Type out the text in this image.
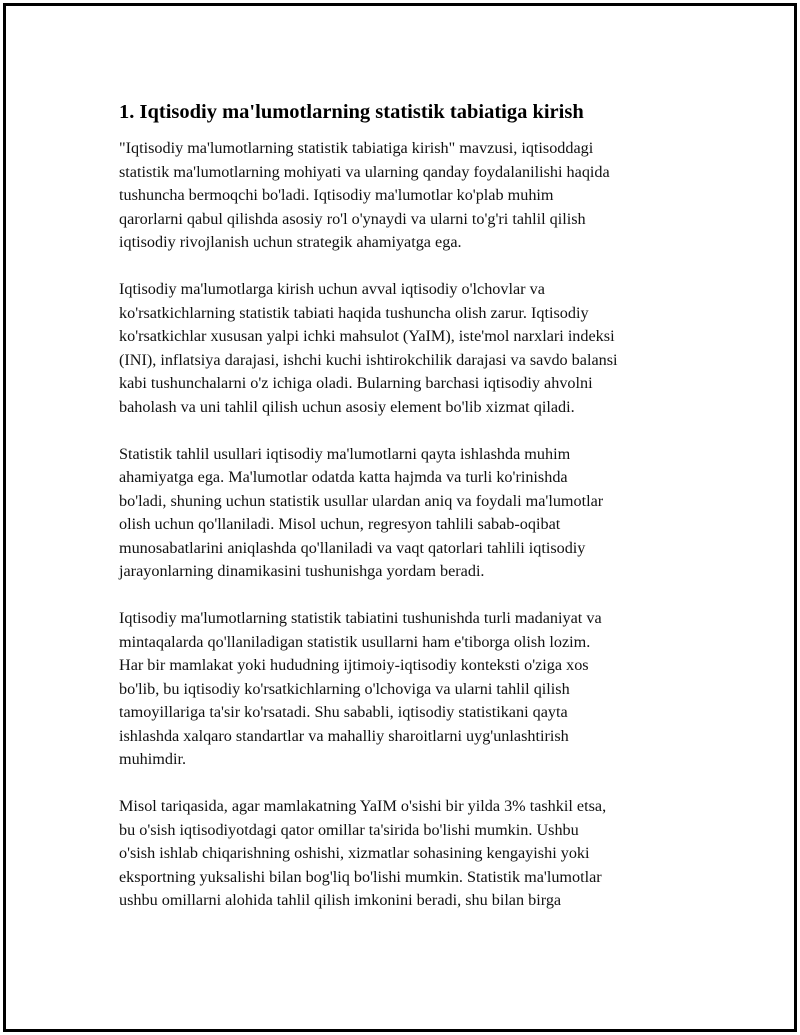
1. Iqtisodiy ma'lumotlarning statistik tabiatiga kirish

"Iqtisodiy ma'lumotlarning statistik tabiatiga kirish" mavzusi, iqtisoddagi
statistik ma'lumotlarning mohiyati va ularning qanday foydalanilishi haqida
tushuncha bermoqchi bo'ladi. Iqtisodiy ma'lumotlar ko'plab muhim
qarorlarni qabul qilishda asosiy ro'l o'ynaydi va ularni to'g'ri tahlil qilish
iqtisodiy rivojlanish uchun strategik ahamiyatga ega.

Iqtisodiy ma'lumotlarga kirish uchun avval iqtisodiy o'lchovlar va
ko'rsatkichlarning statistik tabiati haqida tushuncha olish zarur. Iqtisodiy
ko'rsatkichlar xususan yalpi ichki mahsulot (YaIM), iste'mol narxlari indeksi
(INI), inflatsiya darajasi, ishchi kuchi ishtirokchilik darajasi va savdo balansi
kabi tushunchalarni o'z ichiga oladi. Bularning barchasi iqtisodiy ahvolni
baholash va uni tahlil qilish uchun asosiy element bo'lib xizmat qiladi.

Statistik tahlil usullari iqtisodiy ma'lumotlarni qayta ishlashda muhim
ahamiyatga ega. Ma'lumotlar odatda katta hajmda va turli ko'rinishda
bo'ladi, shuning uchun statistik usullar ulardan aniq va foydali ma'lumotlar
olish uchun qo'llaniladi. Misol uchun, regresyon tahlili sabab-oqibat
munosabatlarini aniqlashda qo'llaniladi va vaqt qatorlari tahlili iqtisodiy
jarayonlarning dinamikasini tushunishga yordam beradi.

Iqtisodiy ma'lumotlarning statistik tabiatini tushunishda turli madaniyat va
mintaqalarda qo'llaniladigan statistik usullarni ham e'tiborga olish lozim.
Har bir mamlakat yoki hududning ijtimoiy-iqtisodiy konteksti o'ziga xos
bo'lib, bu iqtisodiy ko'rsatkichlarning o'lchoviga va ularni tahlil qilish
tamoyillariga ta'sir ko'rsatadi. Shu sababli, iqtisodiy statistikani qayta
ishlashda xalqaro standartlar va mahalliy sharoitlarni uyg'unlashtirish
muhimdir.

Misol tariqasida, agar mamlakatning YaIM o'sishi bir yilda 3% tashkil etsa,
bu o'sish iqtisodiyotdagi qator omillar ta'sirida bo'lishi mumkin. Ushbu
o'sish ishlab chiqarishning oshishi, xizmatlar sohasining kengayishi yoki
eksportning yuksalishi bilan bog'liq bo'lishi mumkin. Statistik ma'lumotlar
ushbu omillarni alohida tahlil qilish imkonini beradi, shu bilan birga
